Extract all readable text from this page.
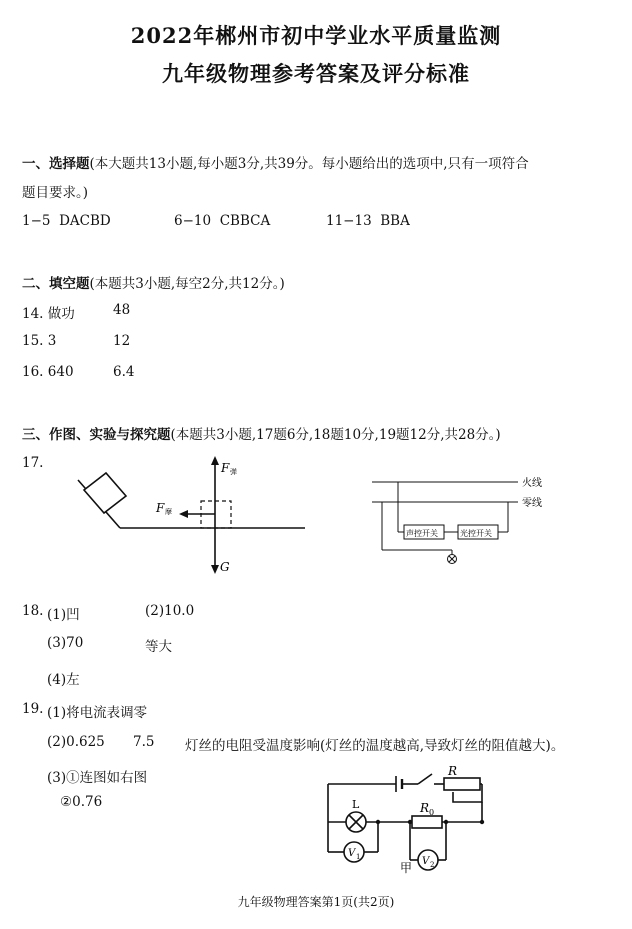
2022年郴州市初中学业水平质量监测
九年级物理参考答案及评分标准
一、选择题(本大题共13小题,每小题3分,共39分。每小题给出的选项中,只有一项符合
题目要求。)
1−5 DACBD	6−10 CBBCA	11−13 BBA
二、填空题(本题共3小题,每空2分,共12分。)
14. 做功	48
15. 3	12
16. 640	6.4
三、作图、实验与探究题(本题共3小题,17题6分,18题10分,19题12分,共28分。)
17.	F 弹
F 摩
G
火线
零线
声控开关	光控开关
18. (1)凹	(2)10.0
(3)70	等大
(4)左
19. (1)将电流表调零
(2)0.625 7.5 灯丝的电阻受温度影响(灯丝的温度越高,导致灯丝的阻值越大)。
(3)①连图如右图
②0.76
R
R 0
L
V 1	V 2
甲
九年级物理答案第1页(共2页)
